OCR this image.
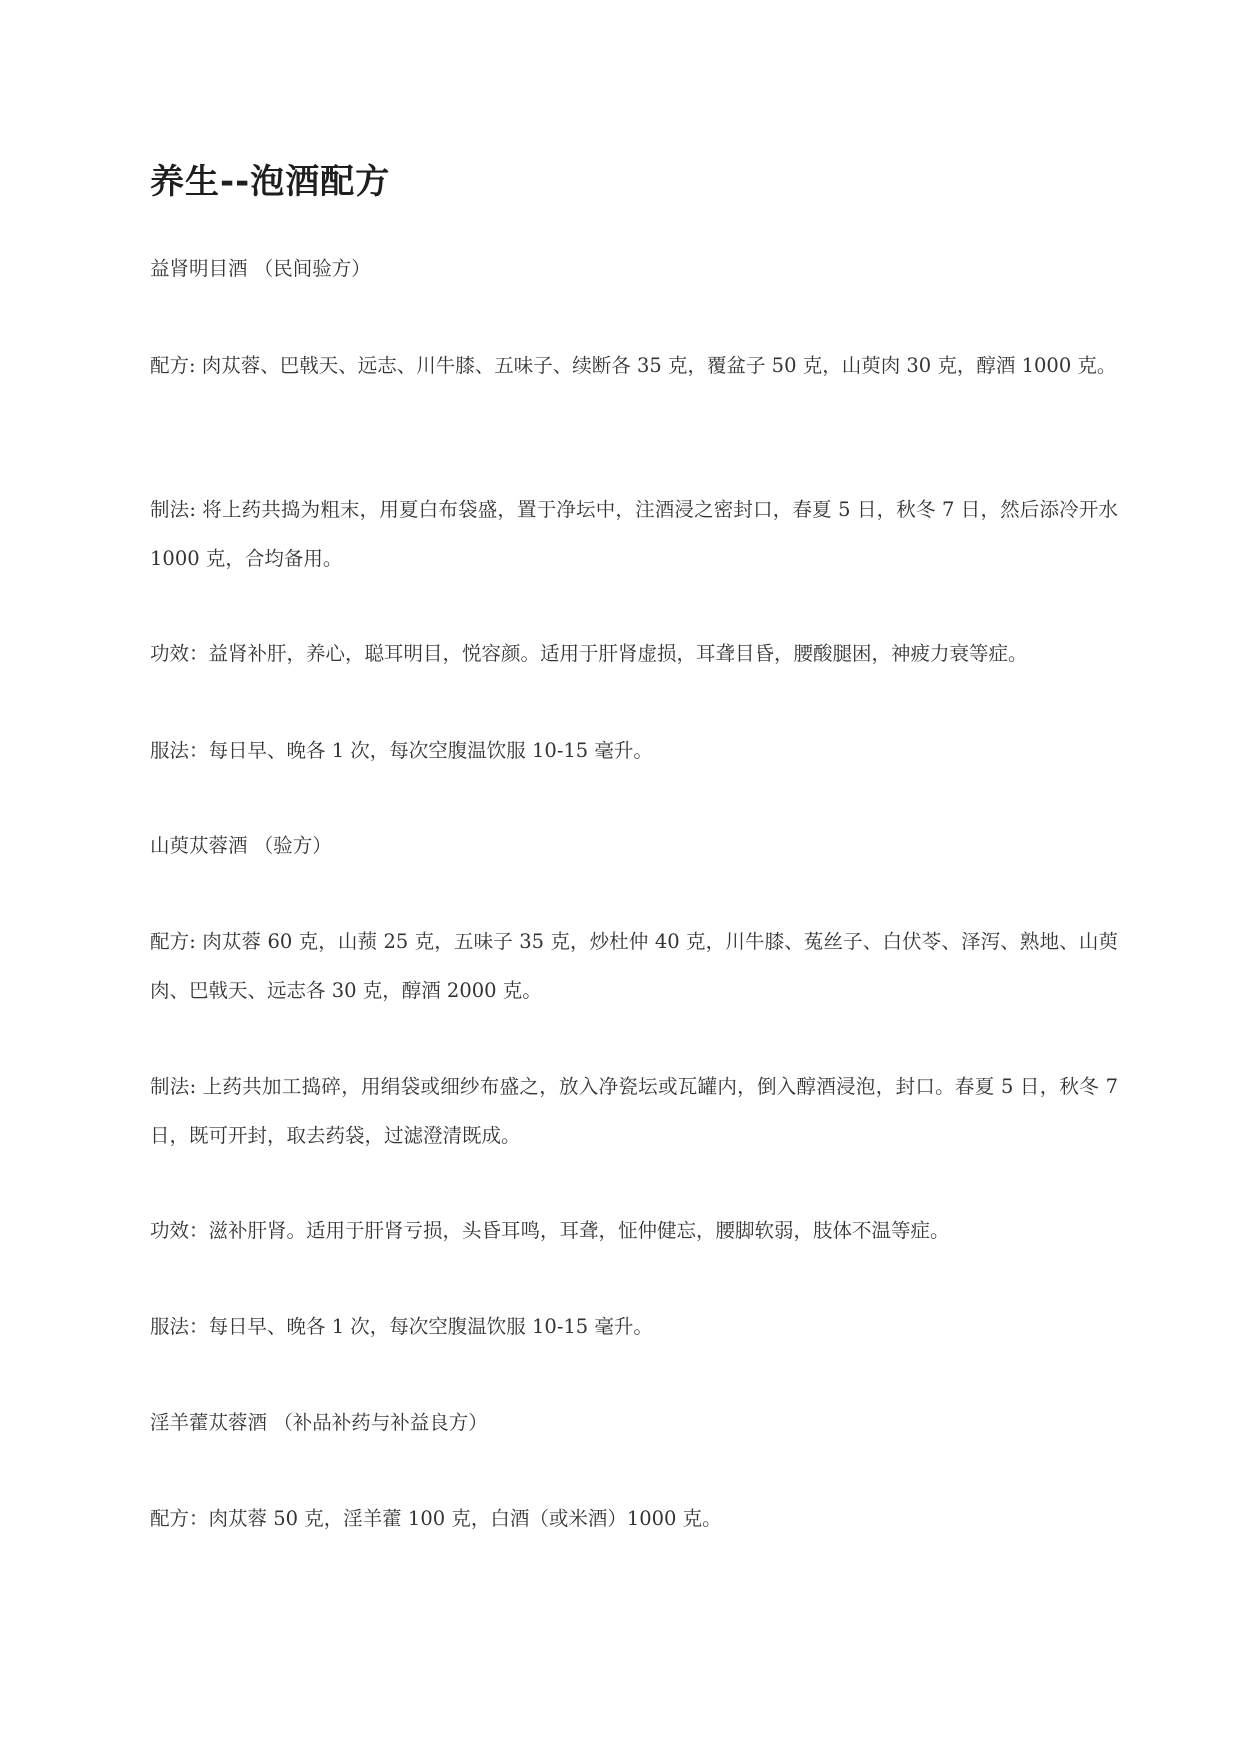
养生--泡酒配方

益肾明目酒 （民间验方）

配方: 肉苁蓉、巴戟天、远志、川牛膝、五味子、续断各 35 克，覆盆子 50 克，山萸肉 30 克，醇酒 1000 克。

制法: 将上药共捣为粗末，用夏白布袋盛，置于净坛中，注酒浸之密封口，春夏 5 日，秋冬 7 日，然后添冷开水 1000 克，合均备用。

功效：益肾补肝，养心，聪耳明目，悦容颜。适用于肝肾虚损，耳聋目昏，腰酸腿困，神疲力衰等症。

服法：每日早、晚各 1 次，每次空腹温饮服 10-15 毫升。

山萸苁蓉酒 （验方）

配方: 肉苁蓉 60 克，山蓣 25 克，五味子 35 克，炒杜仲 40 克，川牛膝、菟丝子、白伏苓、泽泻、熟地、山萸肉、巴戟天、远志各 30 克，醇酒 2000 克。

制法: 上药共加工捣碎，用绢袋或细纱布盛之，放入净瓷坛或瓦罐内，倒入醇酒浸泡，封口。春夏 5 日，秋冬 7 日，既可开封，取去药袋，过滤澄清既成。

功效：滋补肝肾。适用于肝肾亏损，头昏耳鸣，耳聋，怔仲健忘，腰脚软弱，肢体不温等症。

服法：每日早、晚各 1 次，每次空腹温饮服 10-15 毫升。

淫羊藿苁蓉酒 （补品补药与补益良方）

配方：肉苁蓉 50 克，淫羊藿 100 克，白酒（或米酒）1000 克。
